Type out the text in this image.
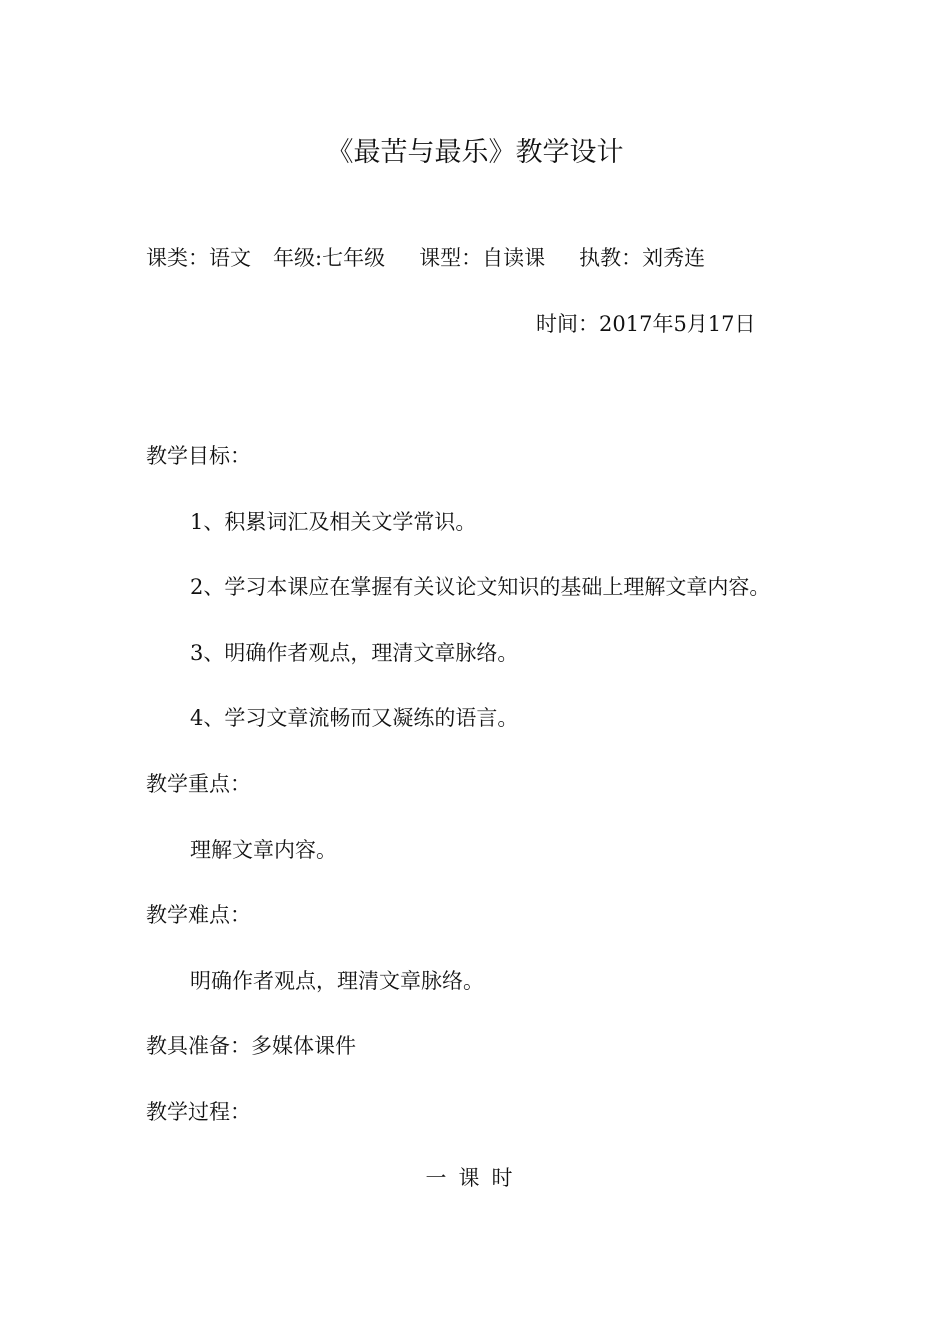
《最苦与最乐》教学设计
课类：语文 年级:七年级 课型：自读课 执教：刘秀连
时间：2017年5月17日
教学目标：
1、积累词汇及相关文学常识。
2、学习本课应在掌握有关议论文知识的基础上理解文章内容。
3、明确作者观点，理清文章脉络。
4、学习文章流畅而又凝练的语言。
教学重点：
理解文章内容。
教学难点：
明确作者观点，理清文章脉络。
教具准备：多媒体课件
教学过程：
一课时
